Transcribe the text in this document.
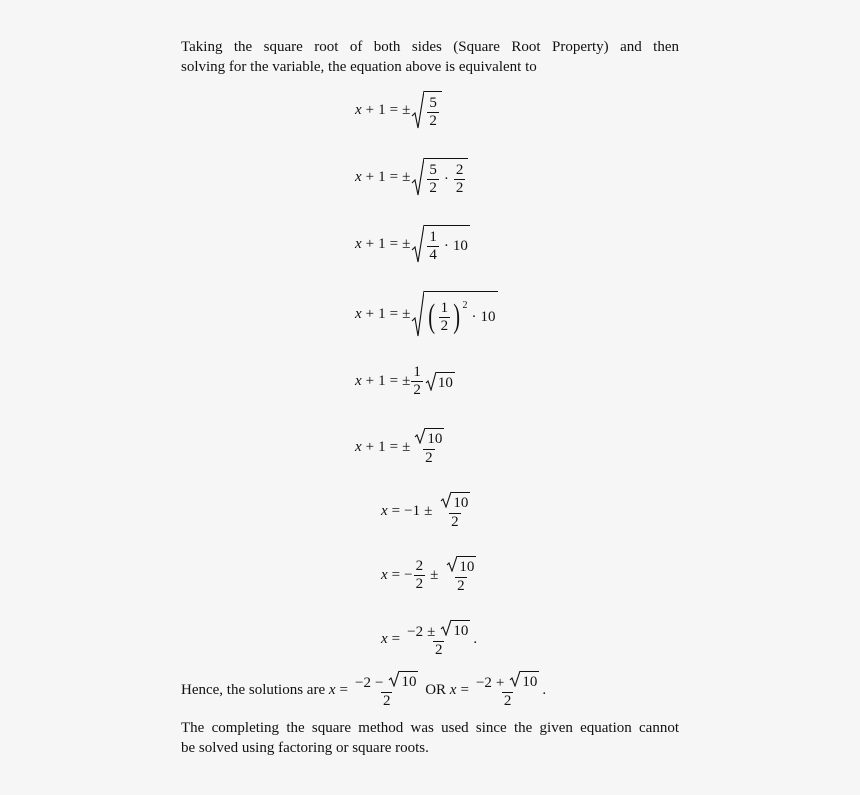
Taking the square root of both sides (Square Root Property) and then
solving for the variable, the equation above is equivalent to
x + 1 = ± $\frac{5}{2}$
x + 1 = ± $\frac{5}{2} \cdot \frac{2}{2}$
x + 1 = ± $\frac{1}{4} \cdot 10$
x + 1 = ± ( $\frac{1}{2} )^2$
· 10
x + 1 = ± $\frac{1}{2} 10$
x + 1 = ± $\frac{10}{2}$
$x = -1 \pm \frac{10}{2}$
x = − $\frac{2}{2} \pm \frac{10}{2}$
$x = \frac{-2 \pm 10}{2}$ .
Hence, the solutions are
$x = \frac{-2 - 10}{2}$
OR
$x = \frac{-2 + 10}{2}$ .
The completing the square method was used since the given equation cannot
be solved using factoring or square roots.
